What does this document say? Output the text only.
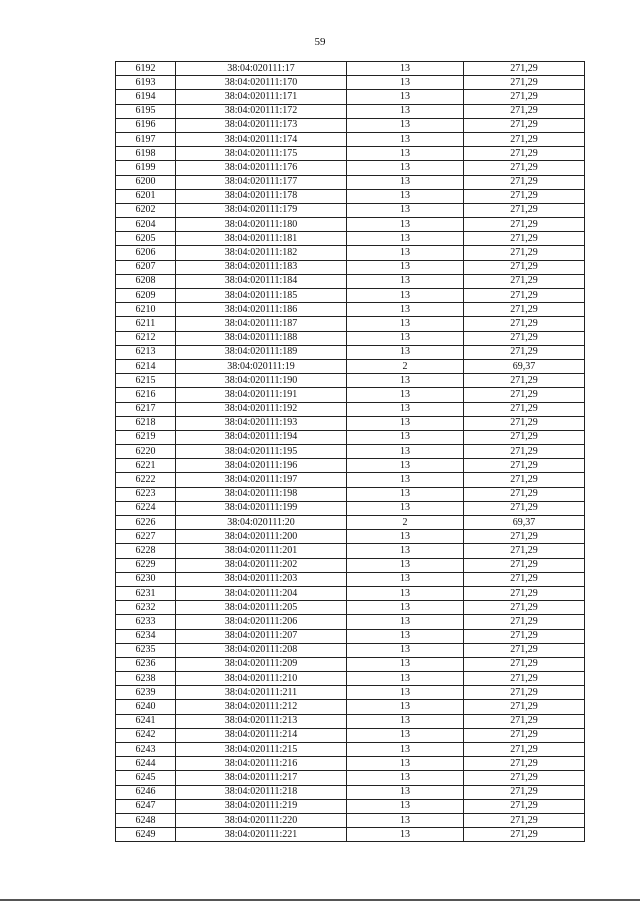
59
6192	38:04:020111:17	13	271,29
6193	38:04:020111:170	13	271,29
6194	38:04:020111:171	13	271,29
6195	38:04:020111:172	13	271,29
6196	38:04:020111:173	13	271,29
6197	38:04:020111:174	13	271,29
6198	38:04:020111:175	13	271,29
6199	38:04:020111:176	13	271,29
6200	38:04:020111:177	13	271,29
6201	38:04:020111:178	13	271,29
6202	38:04:020111:179	13	271,29
6204	38:04:020111:180	13	271,29
6205	38:04:020111:181	13	271,29
6206	38:04:020111:182	13	271,29
6207	38:04:020111:183	13	271,29
6208	38:04:020111:184	13	271,29
6209	38:04:020111:185	13	271,29
6210	38:04:020111:186	13	271,29
6211	38:04:020111:187	13	271,29
6212	38:04:020111:188	13	271,29
6213	38:04:020111:189	13	271,29
6214	38:04:020111:19	2	69,37
6215	38:04:020111:190	13	271,29
6216	38:04:020111:191	13	271,29
6217	38:04:020111:192	13	271,29
6218	38:04:020111:193	13	271,29
6219	38:04:020111:194	13	271,29
6220	38:04:020111:195	13	271,29
6221	38:04:020111:196	13	271,29
6222	38:04:020111:197	13	271,29
6223	38:04:020111:198	13	271,29
6224	38:04:020111:199	13	271,29
6226	38:04:020111:20	2	69,37
6227	38:04:020111:200	13	271,29
6228	38:04:020111:201	13	271,29
6229	38:04:020111:202	13	271,29
6230	38:04:020111:203	13	271,29
6231	38:04:020111:204	13	271,29
6232	38:04:020111:205	13	271,29
6233	38:04:020111:206	13	271,29
6234	38:04:020111:207	13	271,29
6235	38:04:020111:208	13	271,29
6236	38:04:020111:209	13	271,29
6238	38:04:020111:210	13	271,29
6239	38:04:020111:211	13	271,29
6240	38:04:020111:212	13	271,29
6241	38:04:020111:213	13	271,29
6242	38:04:020111:214	13	271,29
6243	38:04:020111:215	13	271,29
6244	38:04:020111:216	13	271,29
6245	38:04:020111:217	13	271,29
6246	38:04:020111:218	13	271,29
6247	38:04:020111:219	13	271,29
6248	38:04:020111:220	13	271,29
6249	38:04:020111:221	13	271,29
